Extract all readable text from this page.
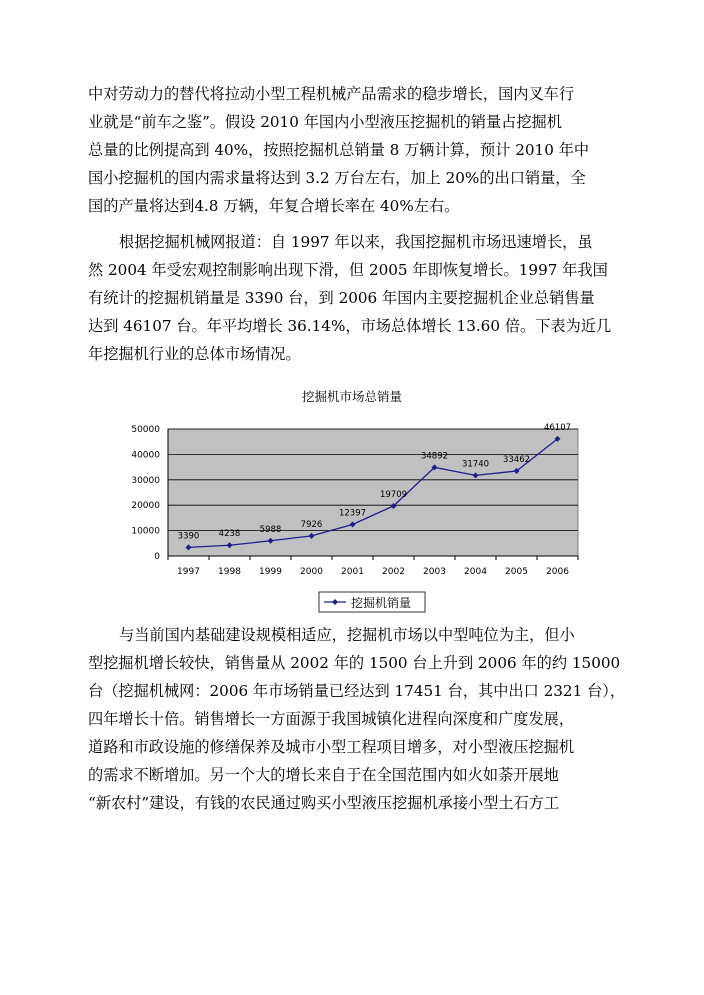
中对劳动力的替代将拉动小型工程机械产品需求的稳步增长，国内叉车行
业就是“前车之鉴”。假设 2010 年国内小型液压挖掘机的销量占挖掘机
总量的比例提高到 40%，按照挖掘机总销量 8 万辆计算，预计 2010 年中
国小挖掘机的国内需求量将达到 3.2 万台左右，加上 20%的出口销量，全
国的产量将达到4.8 万辆，年复合增长率在 40%左右。
根据挖掘机械网报道：自 1997 年以来，我国挖掘机市场迅速增长，虽
然 2004 年受宏观控制影响出现下滑，但 2005 年即恢复增长。1997 年我国
有统计的挖掘机销量是 3390 台，到 2006 年国内主要挖掘机企业总销售量
达到 46107 台。年平均增长 36.14%，市场总体增长 13.60 倍。下表为近几
年挖掘机行业的总体市场情况。
挖掘机市场总销量
0
10000
20000
30000
40000
50000
1997 1998 1999 2000 2001 2002 2003 2004 2005 2006
3390 4238 5988 7926
12397
19709
34892
31740 33462
46107
挖掘机销量
与当前国内基础建设规模相适应，挖掘机市场以中型吨位为主，但小
型挖掘机增长较快，销售量从 2002 年的 1500 台上升到 2006 年的约 15000
台（挖掘机械网：2006 年市场销量已经达到 17451 台，其中出口 2321 台），
四年增长十倍。销售增长一方面源于我国城镇化进程向深度和广度发展，
道路和市政设施的修缮保养及城市小型工程项目增多，对小型液压挖掘机
的需求不断增加。另一个大的增长来自于在全国范围内如火如荼开展地
“新农村”建设，有钱的农民通过购买小型液压挖掘机承接小型土石方工
